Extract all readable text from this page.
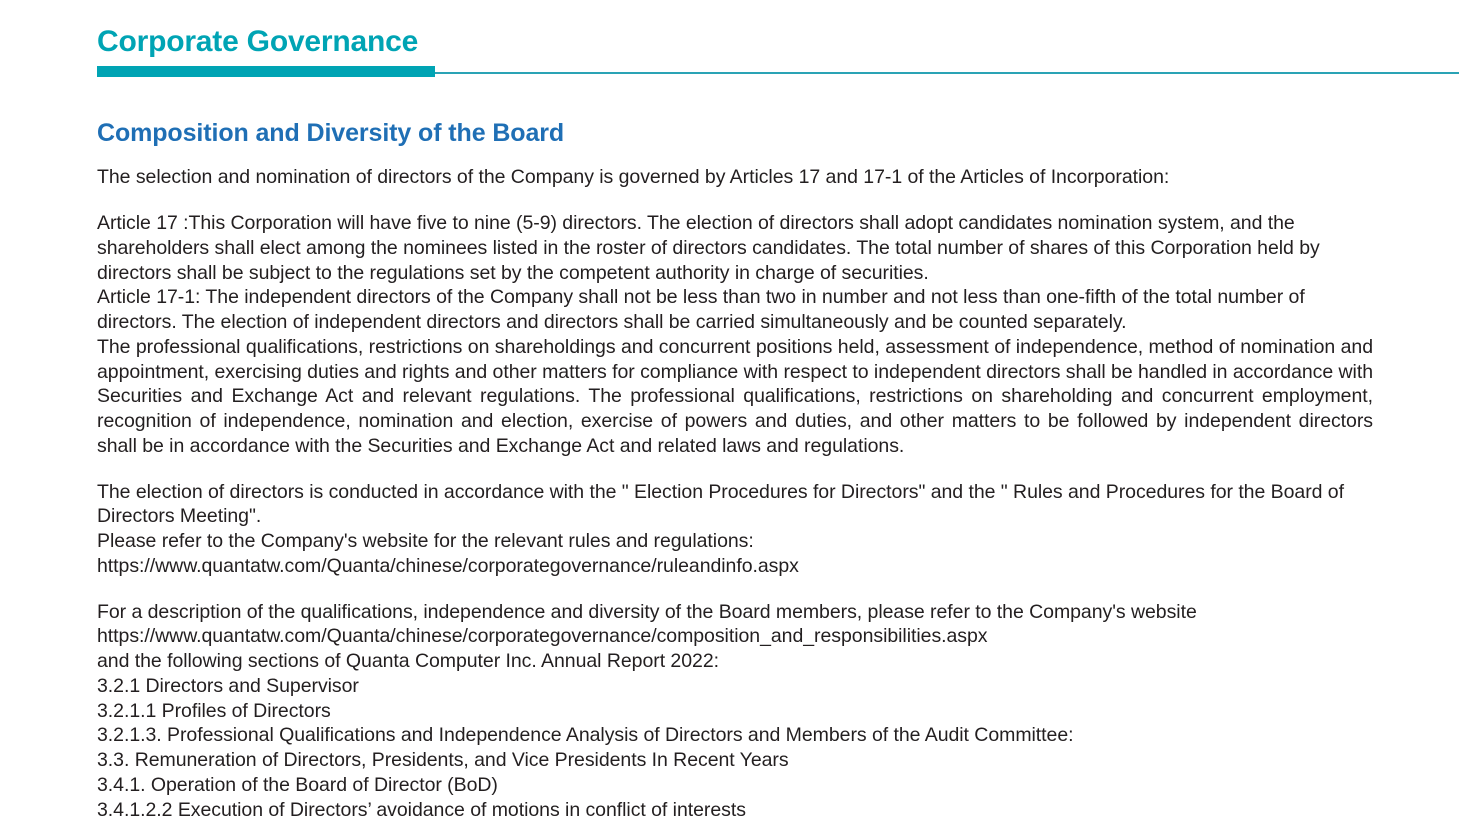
Corporate Governance
Composition and Diversity of the Board

The selection and nomination of directors of the Company is governed by Articles 17 and 17-1 of the Articles of Incorporation:

Article 17 :This Corporation will have five to nine (5-9) directors. The election of directors shall adopt candidates nomination system, and the shareholders shall elect among the nominees listed in the roster of directors candidates. The total number of shares of this Corporation held by directors shall be subject to the regulations set by the competent authority in charge of securities.

Article 17-1: The independent directors of the Company shall not be less than two in number and not less than one-fifth of the total number of directors. The election of independent directors and directors shall be carried simultaneously and be counted separately.

The professional qualifications, restrictions on shareholdings and concurrent positions held, assessment of independence, method of nomination and appointment, exercising duties and rights and other matters for compliance with respect to independent directors shall be handled in accordance with Securities and Exchange Act and relevant regulations. The professional qualifications, restrictions on shareholding and concurrent employment, recognition of independence, nomination and election, exercise of powers and duties, and other matters to be followed by independent directors shall be in accordance with the Securities and Exchange Act and related laws and regulations.

The election of directors is conducted in accordance with the " Election Procedures for Directors" and the " Rules and Procedures for the Board of Directors Meeting".

Please refer to the Company's website for the relevant rules and regulations:

https://www.quantatw.com/Quanta/chinese/corporategovernance/ruleandinfo.aspx

For a description of the qualifications, independence and diversity of the Board members, please refer to the Company's website

https://www.quantatw.com/Quanta/chinese/corporategovernance/composition_and_responsibilities.aspx

and the following sections of Quanta Computer Inc. Annual Report 2022:

3.2.1 Directors and Supervisor

3.2.1.1 Profiles of Directors

3.2.1.3. Professional Qualifications and Independence Analysis of Directors and Members of the Audit Committee:

3.3. Remuneration of Directors, Presidents, and Vice Presidents In Recent Years

3.4.1. Operation of the Board of Director (BoD)

3.4.1.2.2 Execution of Directors’ avoidance of motions in conflict of interests
